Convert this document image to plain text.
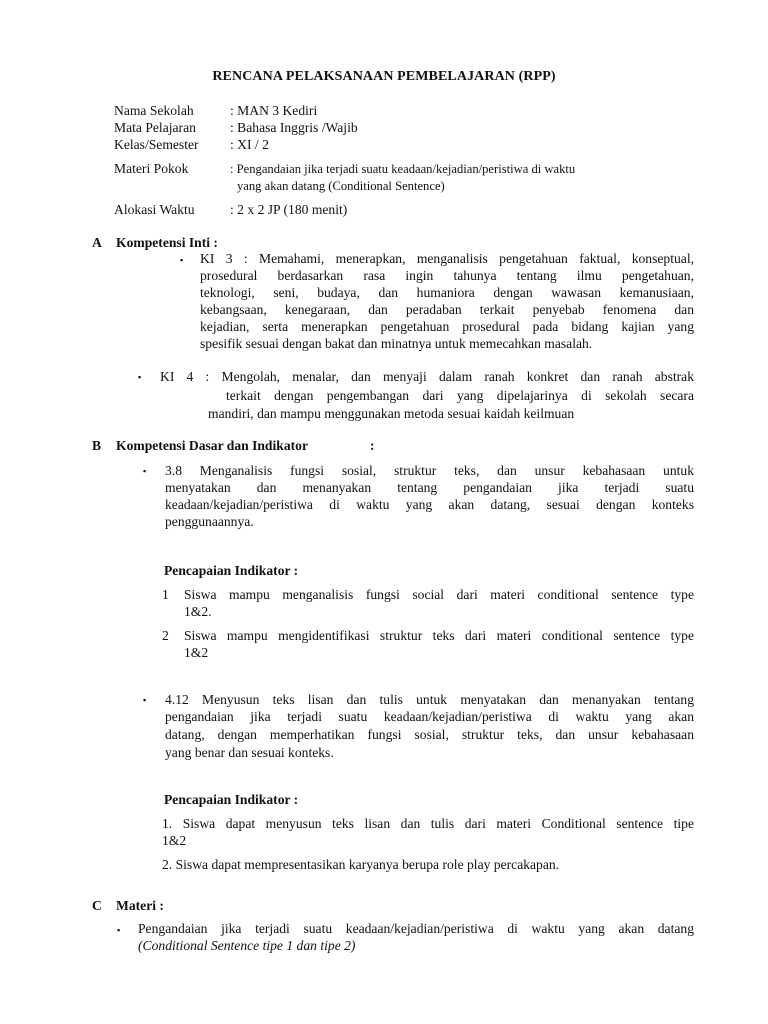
RENCANA PELAKSANAAN PEMBELAJARAN (RPP)
Nama Sekolah	: MAN 3 Kediri
Mata Pelajaran	: Bahasa Inggris /Wajib
Kelas/Semester : XI / 2
Materi Pokok	: Pengandaian jika terjadi suatu keadaan/kejadian/peristiwa di waktu
yang akan datang (Conditional Sentence)
Alokasi Waktu	: 2 x 2 JP (180 menit)
A Kompetensi Inti :
▪ KI 3 : Memahami, menerapkan, menganalisis pengetahuan faktual, konseptual,
prosedural berdasarkan rasa ingin tahunya tentang ilmu pengetahuan,
teknologi, seni, budaya, dan humaniora dengan wawasan kemanusiaan,
kebangsaan, kenegaraan, dan peradaban terkait penyebab fenomena dan
kejadian, serta menerapkan pengetahuan prosedural pada bidang kajian yang
spesifik sesuai dengan bakat dan minatnya untuk memecahkan masalah.
▪ KI 4 : Mengolah, menalar, dan menyaji dalam ranah konkret dan ranah abstrak
terkait dengan pengembangan dari yang dipelajarinya di sekolah secara
mandiri, dan mampu menggunakan metoda sesuai kaidah keilmuan
B Kompetensi Dasar dan Indikator	:
▪ 3.8 Menganalisis fungsi sosial, struktur teks, dan unsur kebahasaan untuk
menyatakan dan menanyakan tentang pengandaian jika terjadi suatu
keadaan/kejadian/peristiwa di waktu yang akan datang, sesuai dengan konteks
penggunaannya.
Pencapaian Indikator :
1 Siswa mampu menganalisis fungsi social dari materi conditional sentence type
1&2.
2 Siswa mampu mengidentifikasi struktur teks dari materi conditional sentence type
1&2
▪ 4.12 Menyusun teks lisan dan tulis untuk menyatakan dan menanyakan tentang
pengandaian jika terjadi suatu keadaan/kejadian/peristiwa di waktu yang akan
datang, dengan memperhatikan fungsi sosial, struktur teks, dan unsur kebahasaan
yang benar dan sesuai konteks.
Pencapaian Indikator :
1. Siswa dapat menyusun teks lisan dan tulis dari materi Conditional sentence tipe
1&2
2. Siswa dapat mempresentasikan karyanya berupa role play percakapan.
C Materi :
▪ Pengandaian jika terjadi suatu keadaan/kejadian/peristiwa di waktu yang akan datang
(Conditional Sentence tipe 1 dan tipe 2)
